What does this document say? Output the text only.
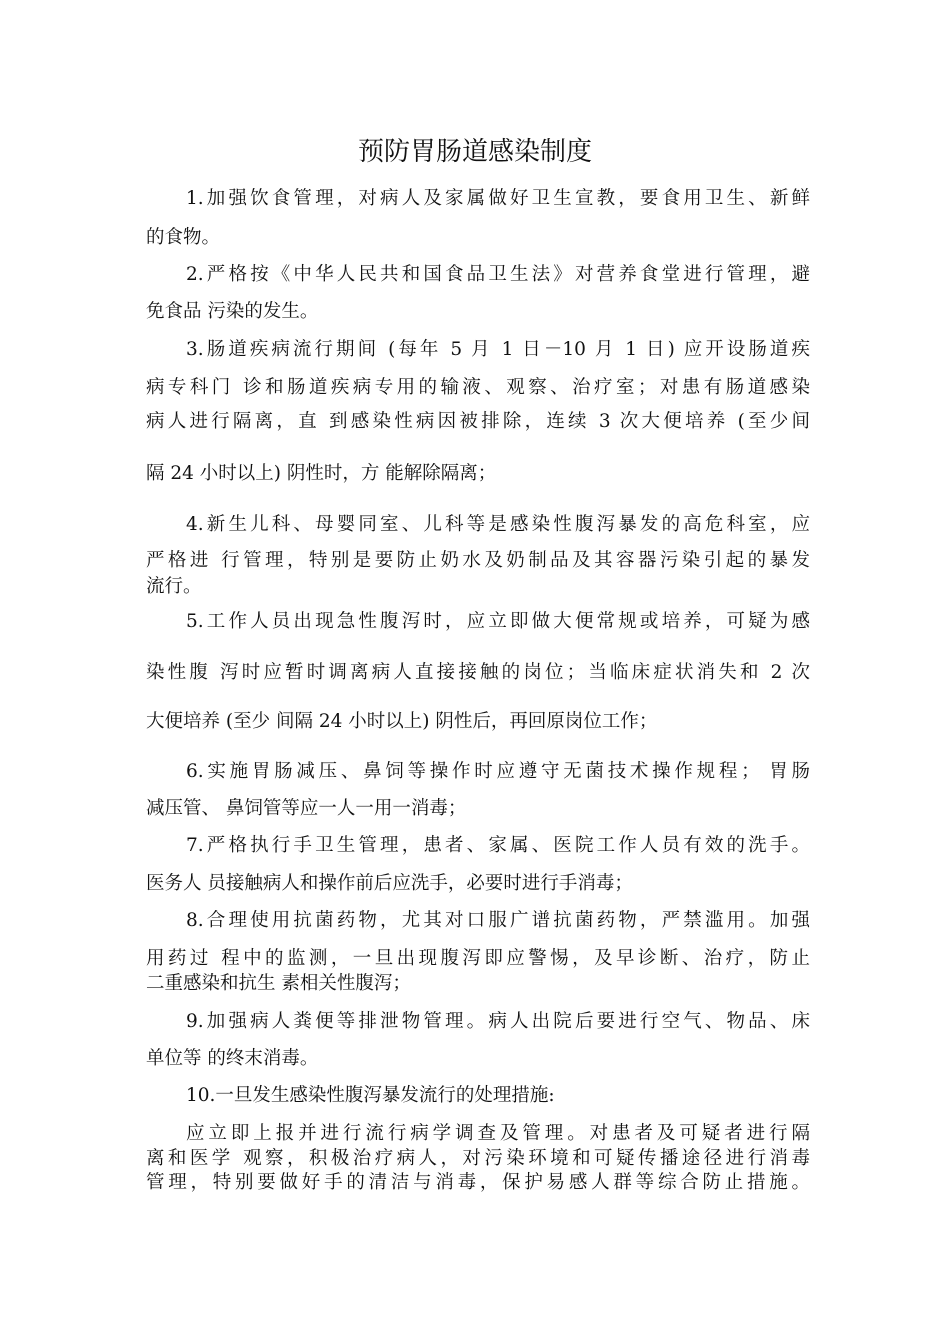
预防胃肠道感染制度
1.加强饮食管理，对病人及家属做好卫生宣教，要食用卫生、新鲜
的食物。
2.严格按《中华人民共和国食品卫生法》对营养食堂进行管理，避
免食品 污染的发生。
3.肠道疾病流行期间 (每年 5 月 1 日－10 月 1 日) 应开设肠道疾
病专科门 诊和肠道疾病专用的输液、观察、治疗室；对患有肠道感染
病人进行隔离，直 到感染性病因被排除，连续 3 次大便培养 (至少间
隔 24 小时以上) 阴性时，方 能解除隔离；
4.新生儿科、母婴同室、儿科等是感染性腹泻暴发的高危科室，应
严格进 行管理，特别是要防止奶水及奶制品及其容器污染引起的暴发
流行。
5.工作人员出现急性腹泻时，应立即做大便常规或培养，可疑为感
染性腹 泻时应暂时调离病人直接接触的岗位；当临床症状消失和 2 次
大便培养 (至少 间隔 24 小时以上) 阴性后，再回原岗位工作；
6.实施胃肠减压、鼻饲等操作时应遵守无菌技术操作规程； 胃肠
减压管、 鼻饲管等应一人一用一消毒；
7.严格执行手卫生管理，患者、家属、医院工作人员有效的洗手。
医务人 员接触病人和操作前后应洗手，必要时进行手消毒；
8.合理使用抗菌药物，尤其对口服广谱抗菌药物，严禁滥用。加强
用药过 程中的监测，一旦出现腹泻即应警惕，及早诊断、治疗，防止
二重感染和抗生 素相关性腹泻；
9.加强病人粪便等排泄物管理。病人出院后要进行空气、物品、床
单位等 的终末消毒。
10.一旦发生感染性腹泻暴发流行的处理措施:
应立即上报并进行流行病学调查及管理。对患者及可疑者进行隔
离和医学 观察，积极治疗病人，对污染环境和可疑传播途径进行消毒
管理，特别要做好手的清洁与消毒，保护易感人群等综合防止措施。
